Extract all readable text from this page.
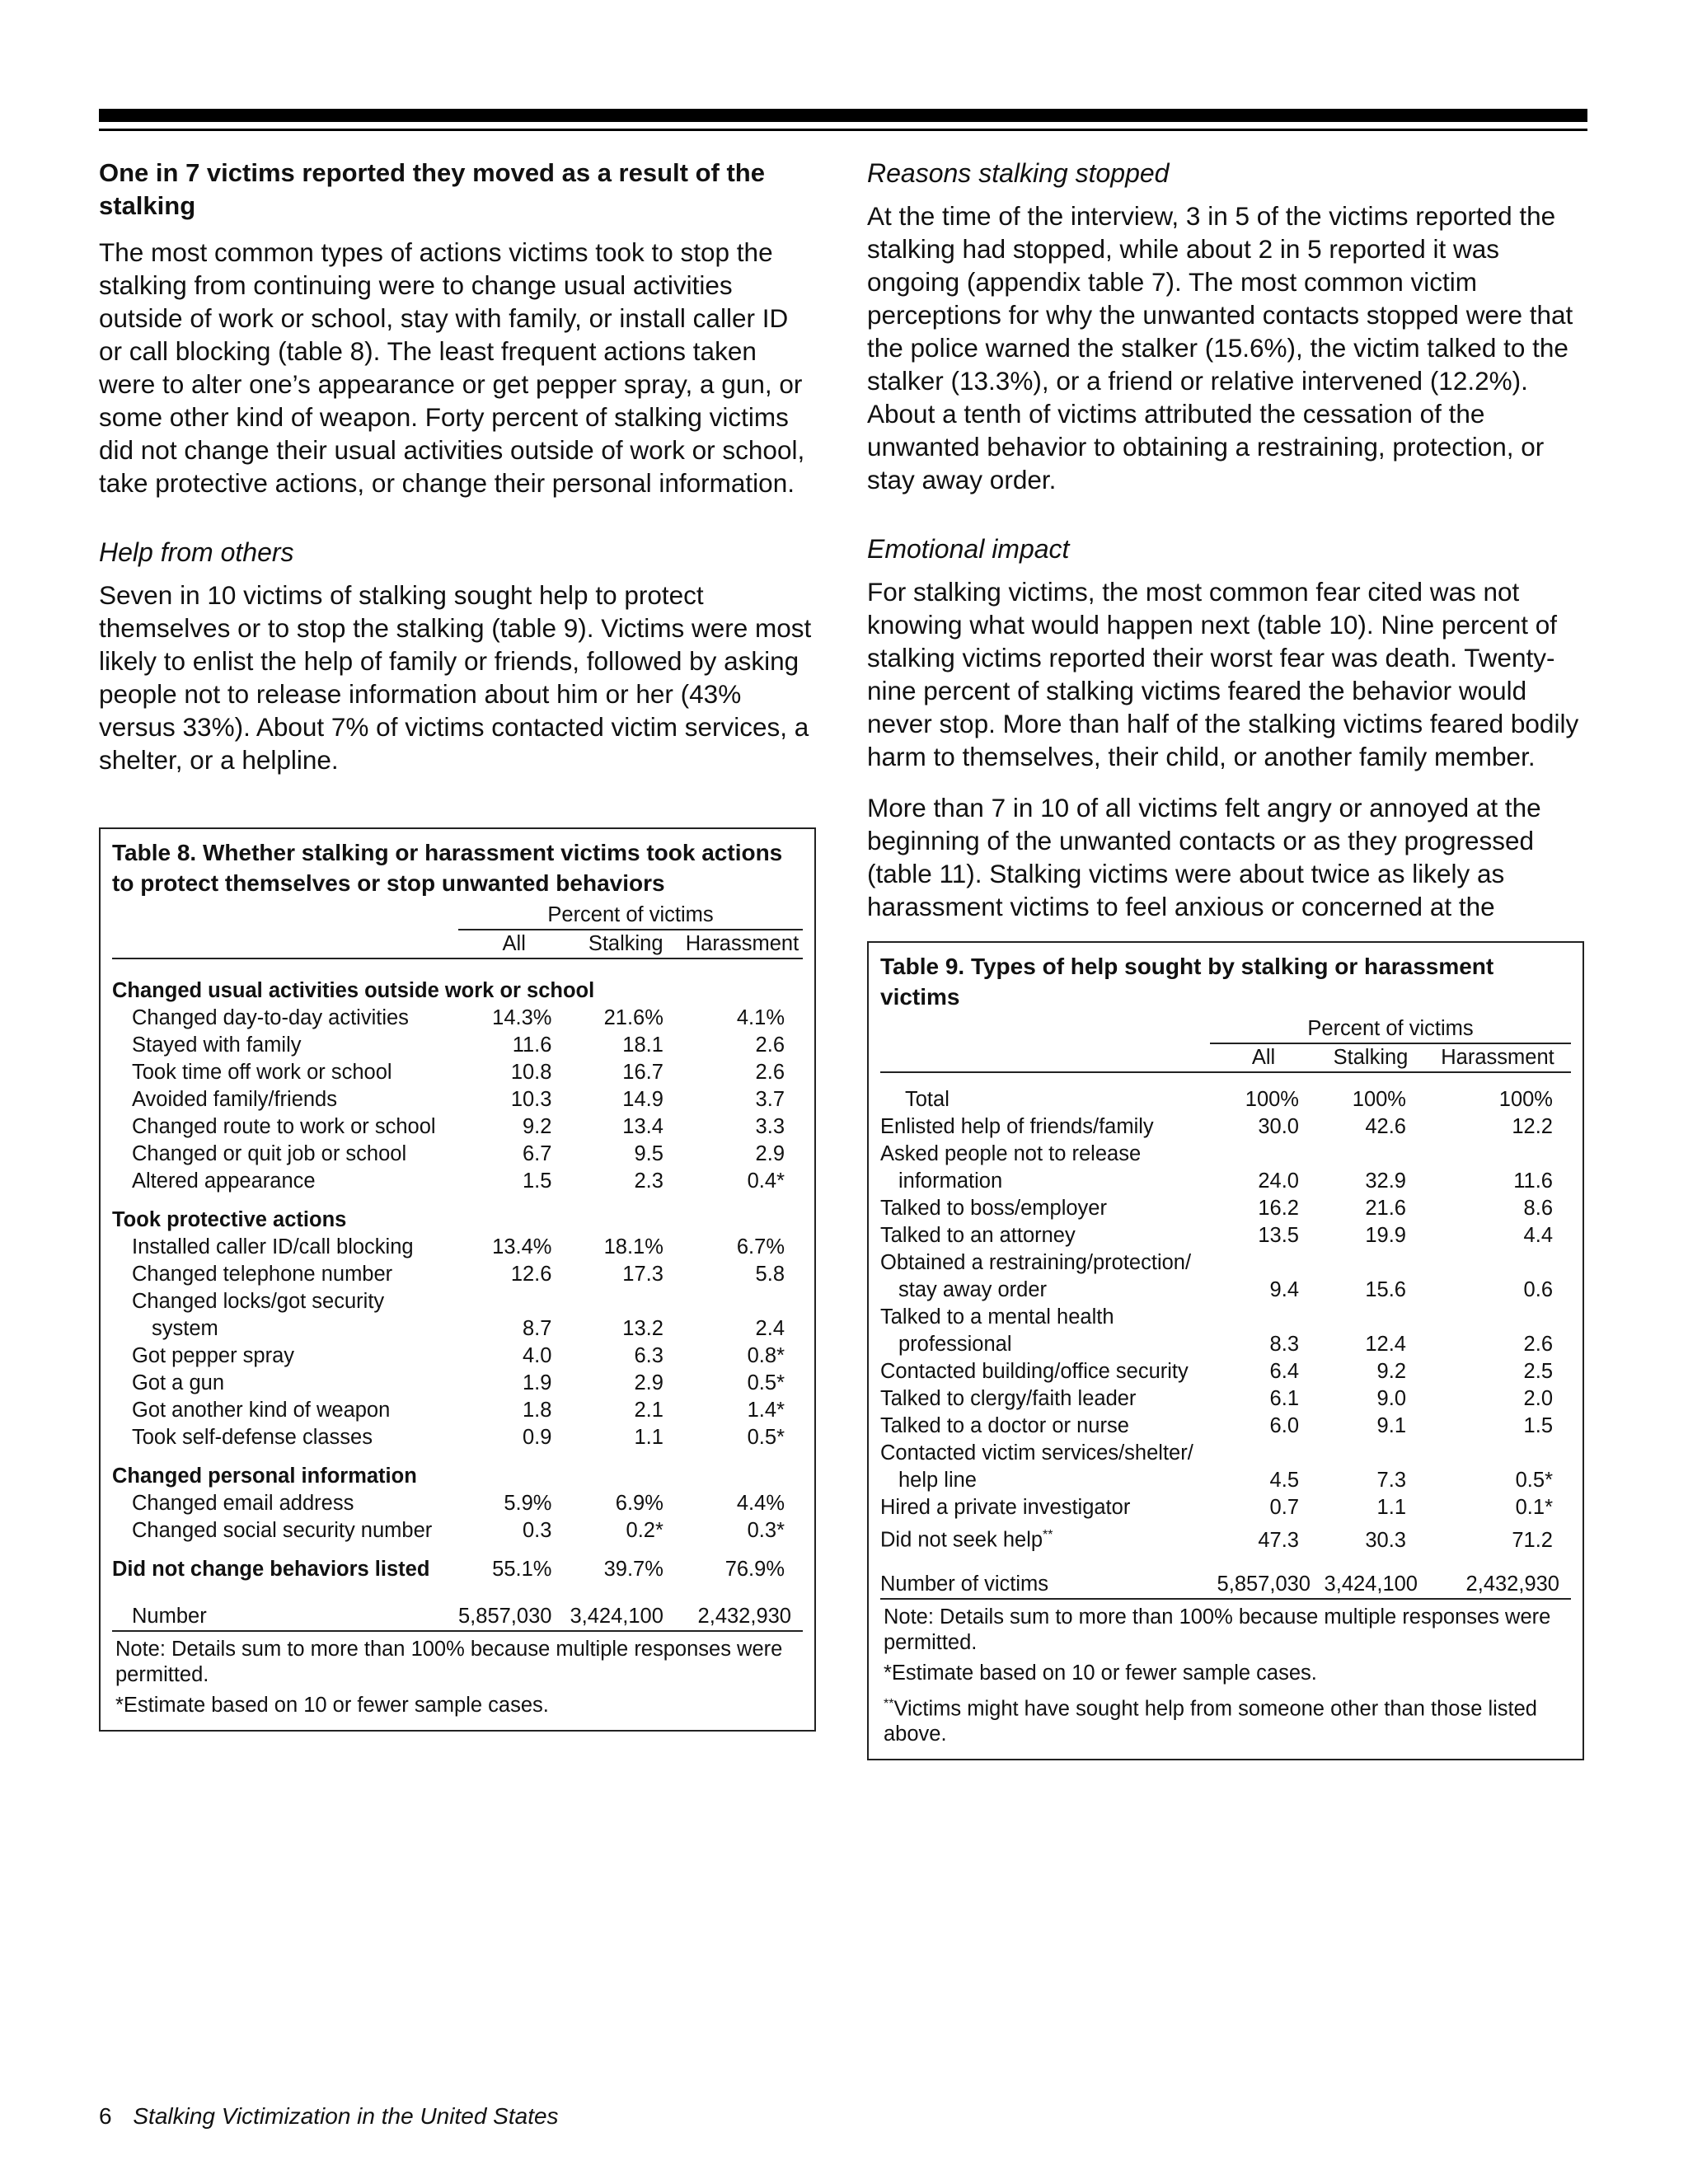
One in 7 victims reported they moved as a result of the stalking
The most common types of actions victims took to stop the stalking from continuing were to change usual activities outside of work or school, stay with family, or install caller ID or call blocking (table 8). The least frequent actions taken were to alter one’s appearance or get pepper spray, a gun, or some other kind of weapon. Forty percent of stalking victims did not change their usual activities outside of work or school, take protective actions, or change their personal information.
Help from others
Seven in 10 victims of stalking sought help to protect themselves or to stop the stalking (table 9). Victims were most likely to enlist the help of family or friends, followed by asking people not to release information about him or her (43% versus 33%). About 7% of victims contacted victim services, a shelter, or a helpline.
Table 8. Whether stalking or harassment victims took actions to protect themselves or stop unwanted behaviors
	Percent of victims		
	All	Stalking	Harassment
Changed usual activities outside work or school			
Changed day-to-day activities	14.3%	21.6%	4.1%
Stayed with family	11.6	18.1	2.6
Took time off work or school	10.8	16.7	2.6
Avoided family/friends	10.3	14.9	3.7
Changed route to work or school	9.2	13.4	3.3
Changed or quit job or school	6.7	9.5	2.9
Altered appearance	1.5	2.3	0.4*
Took protective actions			
Installed caller ID/call blocking	13.4%	18.1%	6.7%
Changed telephone number	12.6	17.3	5.8
Changed locks/got security			
system	8.7	13.2	2.4
Got pepper spray	4.0	6.3	0.8*
Got a gun	1.9	2.9	0.5*
Got another kind of weapon	1.8	2.1	1.4*
Took self-defense classes	0.9	1.1	0.5*
Changed personal information			
Changed email address	5.9%	6.9%	4.4%
Changed social security number	0.3	0.2*	0.3*
Did not change behaviors listed	55.1%	39.7%	76.9%
Number	5,857,030	3,424,100	2,432,930
Note: Details sum to more than 100% because multiple responses were permitted.
*Estimate based on 10 or fewer sample cases.
Reasons stalking stopped
At the time of the interview, 3 in 5 of the victims reported the stalking had stopped, while about 2 in 5 reported it was ongoing (appendix table 7). The most common victim perceptions for why the unwanted contacts stopped were that the police warned the stalker (15.6%), the victim talked to the stalker (13.3%), or a friend or relative intervened (12.2%). About a tenth of victims attributed the cessation of the unwanted behavior to obtaining a restraining, protection, or stay away order.
Emotional impact
For stalking victims, the most common fear cited was not knowing what would happen next (table 10). Nine percent of stalking victims reported their worst fear was death. Twenty-nine percent of stalking victims feared the behavior would never stop. More than half of the stalking victims feared bodily harm to themselves, their child, or another family member.
More than 7 in 10 of all victims felt angry or annoyed at the beginning of the unwanted contacts or as they progressed (table 11). Stalking victims were about twice as likely as harassment victims to feel anxious or concerned at the
Table 9. Types of help sought by stalking or harassment victims
	Percent of victims		
	All	Stalking	Harassment
Total	100%	100%	100%
Enlisted help of friends/family	30.0	42.6	12.2
Asked people not to release			
information	24.0	32.9	11.6
Talked to boss/employer	16.2	21.6	8.6
Talked to an attorney	13.5	19.9	4.4
Obtained a restraining/protection/			
stay away order	9.4	15.6	0.6
Talked to a mental health			
professional	8.3	12.4	2.6
Contacted building/office security	6.4	9.2	2.5
Talked to clergy/faith leader	6.1	9.0	2.0
Talked to a doctor or nurse	6.0	9.1	1.5
Contacted victim services/shelter/			
help line	4.5	7.3	0.5*
Hired a private investigator	0.7	1.1	0.1*
Did not seek help**	47.3	30.3	71.2
Number of victims	5,857,030	3,424,100	2,432,930
Note: Details sum to more than 100% because multiple responses were permitted.
*Estimate based on 10 or fewer sample cases.
**Victims might have sought help from someone other than those listed above.
6 Stalking Victimization in the United States
